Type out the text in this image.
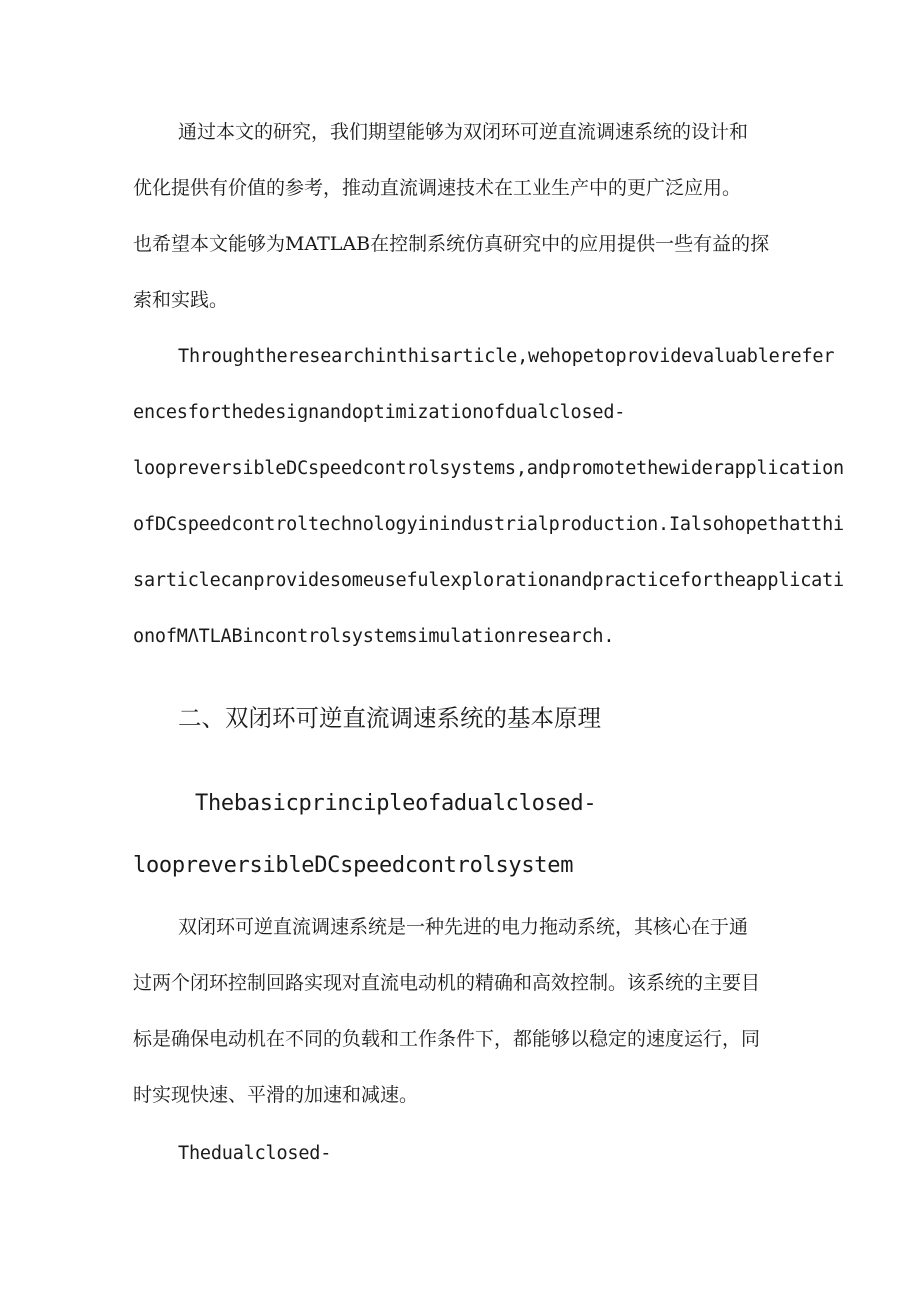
通过本文的研究，我们期望能够为双闭环可逆直流调速系统的设计和
优化提供有价值的参考，推动直流调速技术在工业生产中的更广泛应用。
也希望本文能够为MATLAB在控制系统仿真研究中的应用提供一些有益的探
索和实践。
Throughtheresearchinthisarticle,wehopetoprovidevaluablerefer
encesforthedesignandoptimizationofdualclosed-
loopreversibleDCspeedcontrolsystems,andpromotethewiderapplication
ofDCspeedcontroltechnologyinindustrialproduction.Ialsohopethatthi
sarticlecanprovidesomeusefulexplorationandpracticefortheapplicati
onofMΛTLABincontrolsystemsimulationresearch.
二、双闭环可逆直流调速系统的基本原理
Thebasicprincipleofadualclosed-
loopreversibleDCspeedcontrolsystem
双闭环可逆直流调速系统是一种先进的电力拖动系统，其核心在于通
过两个闭环控制回路实现对直流电动机的精确和高效控制。该系统的主要目
标是确保电动机在不同的负载和工作条件下，都能够以稳定的速度运行，同
时实现快速、平滑的加速和减速。
Thedualclosed-
